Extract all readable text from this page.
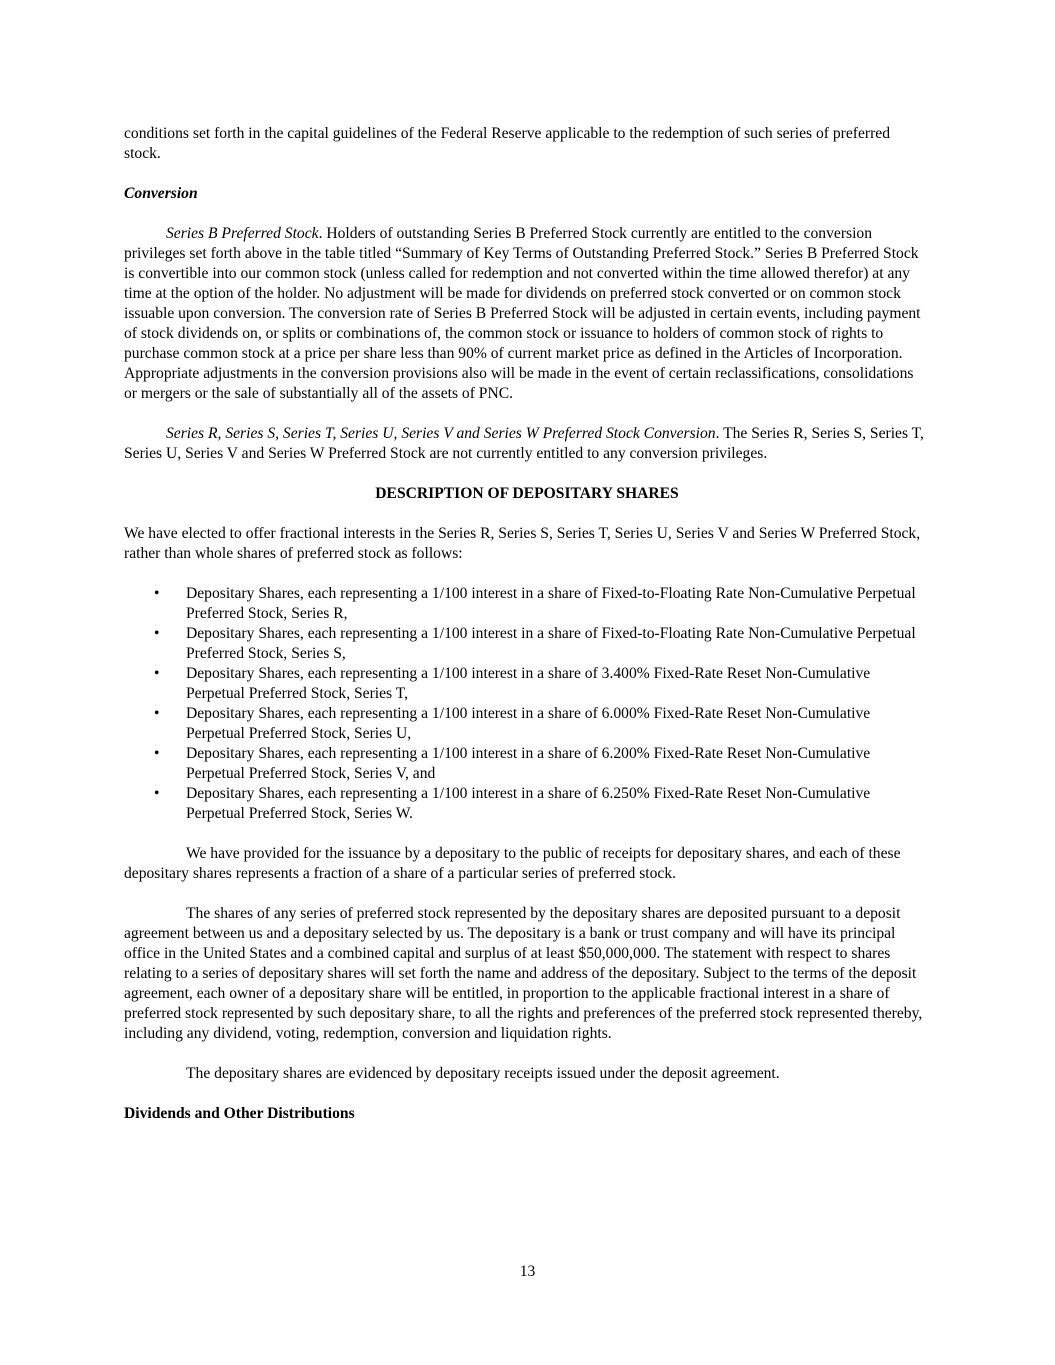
conditions set forth in the capital guidelines of the Federal Reserve applicable to the redemption of such series of preferred stock.

Conversion

Series B Preferred Stock. Holders of outstanding Series B Preferred Stock currently are entitled to the conversion privileges set forth above in the table titled “Summary of Key Terms of Outstanding Preferred Stock.” Series B Preferred Stock is convertible into our common stock (unless called for redemption and not converted within the time allowed therefor) at any time at the option of the holder. No adjustment will be made for dividends on preferred stock converted or on common stock issuable upon conversion. The conversion rate of Series B Preferred Stock will be adjusted in certain events, including payment of stock dividends on, or splits or combinations of, the common stock or issuance to holders of common stock of rights to purchase common stock at a price per share less than 90% of current market price as defined in the Articles of Incorporation. Appropriate adjustments in the conversion provisions also will be made in the event of certain reclassifications, consolidations or mergers or the sale of substantially all of the assets of PNC.

Series R, Series S, Series T, Series U, Series V and Series W Preferred Stock Conversion. The Series R, Series S, Series T, Series U, Series V and Series W Preferred Stock are not currently entitled to any conversion privileges.

DESCRIPTION OF DEPOSITARY SHARES

We have elected to offer fractional interests in the Series R, Series S, Series T, Series U, Series V and Series W Preferred Stock, rather than whole shares of preferred stock as follows:

• Depositary Shares, each representing a 1/100 interest in a share of Fixed-to-Floating Rate Non-Cumulative Perpetual Preferred Stock, Series R,
• Depositary Shares, each representing a 1/100 interest in a share of Fixed-to-Floating Rate Non-Cumulative Perpetual Preferred Stock, Series S,
• Depositary Shares, each representing a 1/100 interest in a share of 3.400% Fixed-Rate Reset Non-Cumulative Perpetual Preferred Stock, Series T,
• Depositary Shares, each representing a 1/100 interest in a share of 6.000% Fixed-Rate Reset Non-Cumulative Perpetual Preferred Stock, Series U,
• Depositary Shares, each representing a 1/100 interest in a share of 6.200% Fixed-Rate Reset Non-Cumulative Perpetual Preferred Stock, Series V, and
• Depositary Shares, each representing a 1/100 interest in a share of 6.250% Fixed-Rate Reset Non-Cumulative Perpetual Preferred Stock, Series W.

We have provided for the issuance by a depositary to the public of receipts for depositary shares, and each of these depositary shares represents a fraction of a share of a particular series of preferred stock.

The shares of any series of preferred stock represented by the depositary shares are deposited pursuant to a deposit agreement between us and a depositary selected by us. The depositary is a bank or trust company and will have its principal office in the United States and a combined capital and surplus of at least $50,000,000. The statement with respect to shares relating to a series of depositary shares will set forth the name and address of the depositary. Subject to the terms of the deposit agreement, each owner of a depositary share will be entitled, in proportion to the applicable fractional interest in a share of preferred stock represented by such depositary share, to all the rights and preferences of the preferred stock represented thereby, including any dividend, voting, redemption, conversion and liquidation rights.

The depositary shares are evidenced by depositary receipts issued under the deposit agreement.

Dividends and Other Distributions

13
